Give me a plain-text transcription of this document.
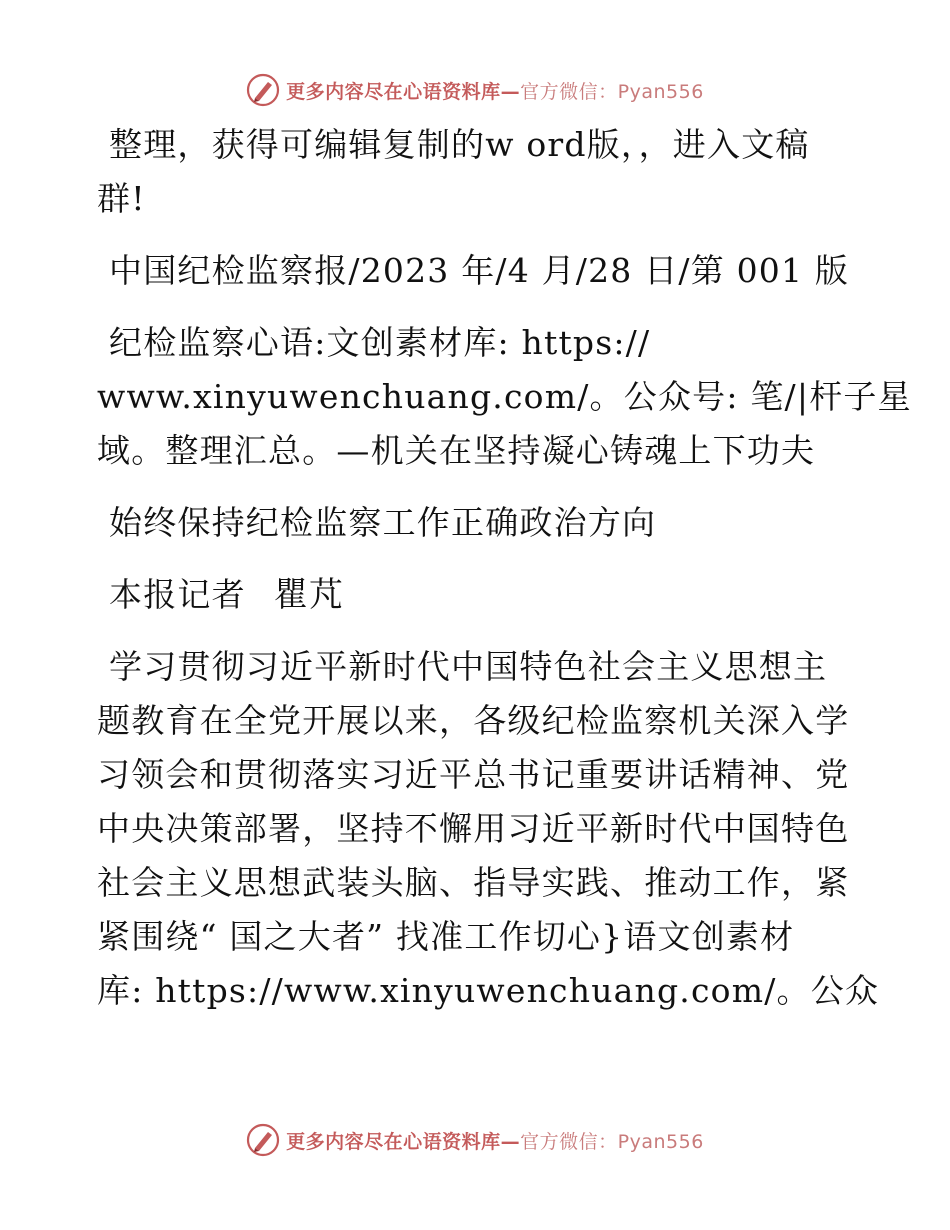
更多内容尽在心语资料库—官方微信：Pyan556
整理，获得可编辑复制的w ord版，，进入文稿
群!
中国纪检监察报/2023 年/4 月/28 日/第 001 版
纪检监察心语:文创素材库: https://
www.xinyuwenchuang.com/。公众号: 笔/|杆子星
域。整理汇总。—机关在坚持凝心铸魂上下功夫
始终保持纪检监察工作正确政治方向
本报记者 瞿芃
学习贯彻习近平新时代中国特色社会主义思想主
题教育在全党开展以来，各级纪检监察机关深入学
习领会和贯彻落实习近平总书记重要讲话精神、党
中央决策部署，坚持不懈用习近平新时代中国特色
社会主义思想武装头脑、指导实践、推动工作，紧
紧围绕“ 国之大者” 找准工作切心}语文创素材
库: https://www.xinyuwenchuang.com/。公众
更多内容尽在心语资料库—官方微信：Pyan556
